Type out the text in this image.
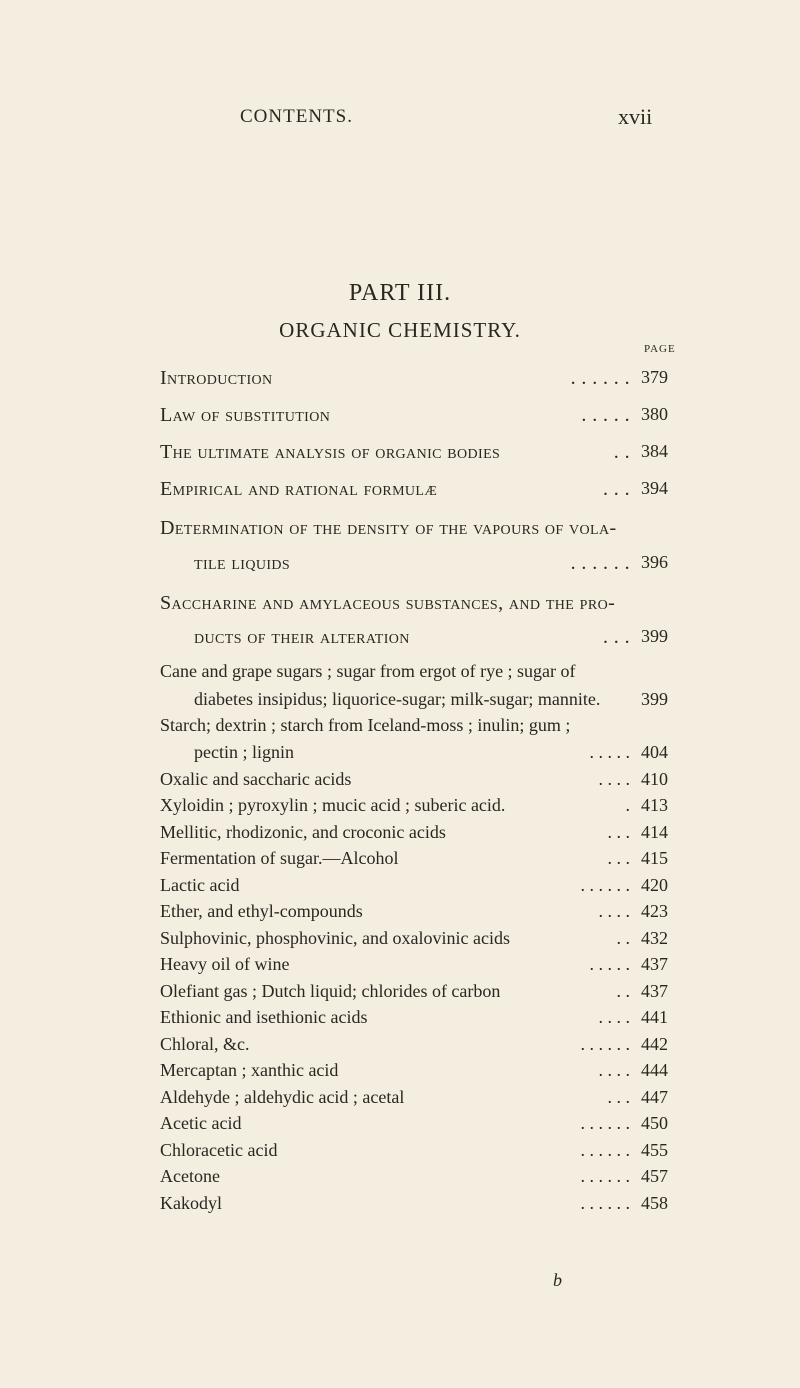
CONTENTS.	xvii
PART III.
ORGANIC CHEMISTRY.
PAGE
Introduction	. . . . . . 379
Law of substitution	. . . . . 380
The ultimate analysis of organic bodies	. . 384
Empirical and rational formulæ	. . . 394
Determination of the density of the vapours of vola-
tile liquids	. . . . . . 396
Saccharine and amylaceous substances, and the pro-
ducts of their alteration	. . . 399
Cane and grape sugars ; sugar from ergot of rye ; sugar of
diabetes insipidus; liquorice-sugar; milk-sugar; mannite. 399
Starch; dextrin ; starch from Iceland-moss ; inulin; gum ;
pectin ; lignin	. . . . . 404
Oxalic and saccharic acids	. . . . 410
Xyloidin ; pyroxylin ; mucic acid ; suberic acid.	. 413
Mellitic, rhodizonic, and croconic acids	. . . 414
Fermentation of sugar.—Alcohol	. . . 415
Lactic acid	. . . . . . 420
Ether, and ethyl-compounds	. . . . 423
Sulphovinic, phosphovinic, and oxalovinic acids	. . 432
Heavy oil of wine	. . . . . 437
Olefiant gas ; Dutch liquid; chlorides of carbon	. . 437
Ethionic and isethionic acids	. . . . 441
Chloral, &c.	. . . . . . 442
Mercaptan ; xanthic acid	. . . . 444
Aldehyde ; aldehydic acid ; acetal	. . . 447
Acetic acid	. . . . . . 450
Chloracetic acid	. . . . . . 455
Acetone	. . . . . . 457
Kakodyl	. . . . . . 458
b
